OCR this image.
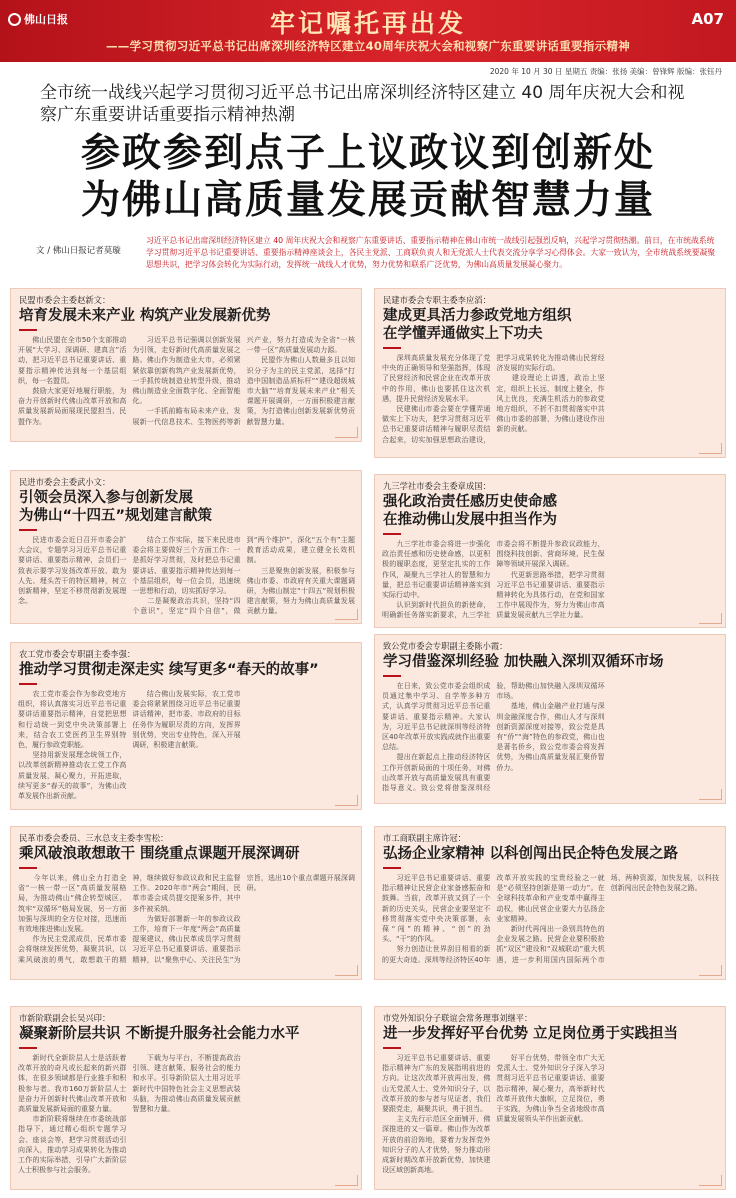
佛山日报	牢记嘱托再出发
——学习贯彻习近平总书记出席深圳经济特区建立40周年庆祝大会和视察广东重要讲话重要指示精神
A07
2020 年 10 月 30 日 星期五 责编：张扬 美编：曾锋辉 版编：张钰丹
全市统一战线兴起学习贯彻习近平总书记出席深圳经济特区建立 40 周年庆祝大会和视察广东重要讲话重要指示精神热潮
参政参到点子上议政议到创新处
为佛山高质量发展贡献智慧力量
文 / 佛山日报记者莫璇
习近平总书记出席深圳经济特区建立 40 周年庆祝大会和视察广东重要讲话、重要指示精神在佛山市统一战线引起强烈反响，兴起学习贯彻热潮。前日，在市统战系统学习贯彻习近平总书记重要讲话、重要指示精神座谈会上，各民主党派、工商联负责人和无党派人士代表交流分享学习心得体会。大家一致认为，全市统战系统要凝聚思想共识，把学习体会转化为实际行动，发挥统一战线人才优势，努力优势和联系广泛优势，为佛山高质量发展凝心聚力。
民盟市委会主委赵新文：
培育发展未来产业 构筑产业发展新优势
　　佛山民盟在全市50个支部推动开展“大学习、深调研、建真言”活动，把习近平总书记重要讲话、重要指示精神传达到每一个基层组织，每一名盟员。
　　鼓励大家更好地履行职能，为奋力开创新时代佛山改革开放和高质量发展新局面展现民盟担当、民盟作为。
　　习近平总书记强调以创新发展为引领，走好新时代高质量发展之路。佛山作为制造业大市，必须紧紧依靠创新构筑产业发展新优势，一手抓传统制造业转型升级，推动佛山制造业全面数字化、全面智能化。
　　一手抓前瞻布局未来产业，发展新一代信息技术、生物医药等新兴产业，努力打造成为全省“一核一带一区”高质量发展动力源。
　　民盟作为佛山人数最多且以知识分子为主的民主党派，选择“打造中国制造品质标杆”“建设超级城市大脑”“培育发展未来产业”相关课题开展调研，一方面积极建言献策，为打造佛山创新发展新优势贡献智慧力量。
民建市委会专职主委李应滔：
建成更具活力参政党地方组织
在学懂弄通做实上下功夫
　　深圳高质量发展充分体现了党中央的正确领导和坚强指挥，体现了民营经济和民营企业在改革开放中的作用，佛山也要抓住这次机遇，提升民营经济发展水平。
　　民建佛山市委会要在学懂弄通做实上下功夫，把学习贯彻习近平总书记重要讲话精神与履职尽责结合起来，切实加强思想政治建设，把学习成果转化为推动佛山民营经济发展的实际行动。
　　建设理论上讲透，政治上坚定，组织上长远，制度上健全，作风上优良，充满生机活力的参政党地方组织，不折不扣贯彻落实中共佛山市委的部署，为佛山建设作出新的贡献。
民进市委会主委武小文：
引领会员深入参与创新发展
为佛山“十四五”规划建言献策
　　民进市委会近日召开市委会扩大会议，专题学习习近平总书记重要讲话、重要指示精神，会员们一致表示要学习发扬改革开放、敢为人先、埋头苦干的特区精神，树立创新精神，坚定不移贯彻新发展理念。
　　结合工作实际，接下来民进市委会将主要做好三个方面工作：一是抓好学习贯彻，及时把总书记重要讲话、重要指示精神传达到每一个基层组织，每一位会员，迅速统一思想和行动，切实抓好学习。
　　二是凝聚政治共识，坚持“四个意识”，坚定“四个自信”，做到“两个维护”，深化“五个有”主题教育活动成果，建立健全长效机制。
　　三是聚焦创新发展，积极参与佛山市委、市政府有关重大课题调研，为佛山制定“十四五”规划积极建言献策，努力为佛山高质量发展贡献力量。
九三学社市委会主委章成国：
强化政治责任感历史使命感
在推动佛山发展中担当作为
　　九三学社市委会将进一步强化政治责任感和历史使命感，以更积极的履职态度，更坚定扎实的工作作风，凝聚九三学社人的智慧和力量，把总书记重要讲话精神落实到实际行动中。
　　认识到新时代担负的新使命，明确新任务落实新要求，九三学社市委会将不断提升参政议政能力，围绕科技创新、营商环境、民生保障等领域开展深入调研。
　　代更新思路举措，把学习贯彻习近平总书记重要讲话、重要指示精神转化为具体行动，在党和国家工作中展现作为，努力为佛山市高质量发展贡献九三学社力量。
农工党市委会专职副主委李强：
推动学习贯彻走深走实 续写更多“春天的故事”
　　农工党市委会作为参政党地方组织，将认真落实习近平总书记重要讲话重要指示精神，自觉把思想和行动统一到党中央决策部署上来，结合农工党医药卫生界别特色，履行参政党职能。
　　坚持用新发展理念统领工作，以改革创新精神推动农工党工作高质量发展，凝心聚力，开拓进取，续写更多“春天的故事”，为佛山改革发展作出新贡献。
　　结合佛山发展实际，农工党市委会将紧紧围绕习近平总书记重要讲话精神，把市委、市政府的目标任务作为履职尽责的方向，发挥界别优势，突出专业特色，深入开展调研，积极建言献策。
致公党市委会专职副主委陈小霞：
学习借鉴深圳经验 加快融入深圳双循环市场
　　在日来，致公党市委会组织成员通过集中学习、自学等多种方式，认真学习贯彻习近平总书记重要讲话、重要指示精神。大家认为，习近平总书记就深圳等经济特区40年改革开放实践成就作出重要总结。
　　提出在新起点上推动经济特区工作开创新局面的十项任务，对佛山改革开放与高质量发展具有重要指导意义。致公党将借鉴深圳经验，帮助佛山加快融入深圳双循环市场。
　　基地，佛山金融产业打通与深圳金融深度合作，佛山人才与深圳创新资源深度对接等，致公党是具有“侨”“海”特色的参政党，佛山也是著名侨乡，致公党市委会将发挥优势，为佛山高质量发展汇聚侨智侨力。
民革市委会委员、三水总支主委李雪松：
乘风破浪敢想敢干 围绕重点课题开展深调研
　　今年以来，佛山全力打造全省“一核一带一区”高质量发展格局，为推动佛山“佛企转型城区、筑牢“双循环”格局发展，另一方面加强与深圳的全方位对接，迅速而有效地推进佛山发展。
　　作为民主党派成员，民革市委会将继续发挥优势，凝聚共识，以乘风破浪的勇气，敢想敢干的精神，继续做好参政议政和民主监督工作。2020年市“两会”期间，民革市委会成员提交提案多件，其中多件被采纳。
　　为做好部署新一年的参政议政工作，培育下一年度“两会”高质量提案建议，佛山民革成员学习贯彻习近平总书记重要讲话、重要指示精神，以“聚焦中心、关注民生”为宗旨，选出10个重点课题开展深调研。
市工商联副主席许冠：
弘扬企业家精神 以科创闯出民企特色发展之路
　　习近平总书记重要讲话、重要指示精神让民营企业家备感振奋和鼓舞。当前，改革开放又到了一个新的历史关头，民营企业要坚定不移贯彻落实党中央决策部署，永葆“闯”的精神、“创”的劲头、“干”的作风。
　　努力创造让世界刮目相看的新的更大奇迹。深圳等经济特区40年改革开放实践的宝贵经验之一就是“必须坚持创新是第一动力”。在全球科技革命和产业变革中赢得主动权，佛山民营企业要大力弘扬企业家精神。
　　新时代再闯出一条别具特色的企业发展之路。民营企业要积极抢抓“双区”建设和“双城联动”重大机遇，进一步利用国内国际两个市场、两种资源，加快发展，以科技创新闯出民企特色发展之路。
市新阶联副会长吴兴印：
凝聚新阶层共识 不断提升服务社会能力水平
　　新时代全新阶层人士是活跃着改革开放的奇凡或长起来的新兴群体，在很多领域都是行业推手和积极参与者。我市160万新阶层人士是奋力开创新时代佛山改革开放和高质量发展新局面的重要力量。
　　市新阶联将继续在市委统战部指导下，通过精心组织专题学习会、座谈会等，把学习贯彻活动引向深入，推动学习成果转化为推动工作的实际举措，引导广大新阶层人士积极参与社会服务。
　　下载为与平台，不断提高政治引领、建言献策、服务社会的能力和水平。引导新阶层人士用习近平新时代中国特色社会主义思想武装头脑，为推动佛山高质量发展贡献智慧和力量。
市党外知识分子联谊会常务理事刘继平：
进一步发挥好平台优势 立足岗位勇于实践担当
　　习近平总书记重要讲话、重要指示精神为广东的发展指明前进的方向。让这次改革开放再出发，佛山无党派人士、党外知识分子，以改革开放的参与者与见证者，我们要跟党走，凝聚共识，勇于担当。
　　主义先行示范区全面铺开，佛深推进的又一篇章。佛山作为改革开放的前沿阵地，要着力发挥党外知识分子的人才优势，努力推动形成新时期改革开放新优势，加快建设区域创新高地。
　　好平台优势，带领全市广大无党派人士、党外知识分子深入学习贯彻习近平总书记重要讲话、重要指示精神，凝心聚力，高举新时代改革开放伟大旗帜，立足岗位，勇于实践，为佛山争当全省地级市高质量发展领头羊作出新贡献。
